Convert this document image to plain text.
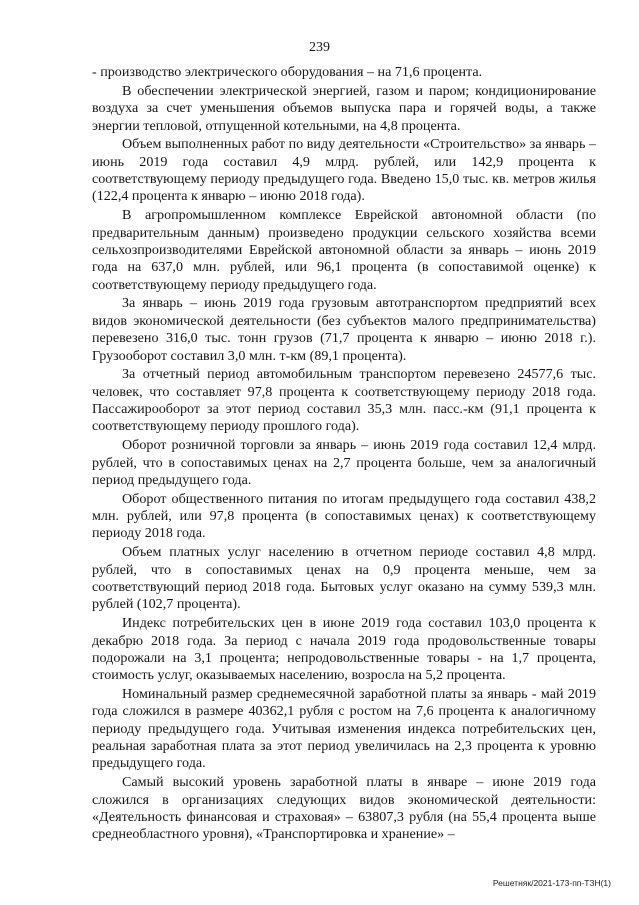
239

- производство электрического оборудования – на 71,6 процента.

В обеспечении электрической энергией, газом и паром; кондиционирование воздуха за счет уменьшения объемов выпуска пара и горячей воды, а также энергии тепловой, отпущенной котельными, на 4,8 процента.

Объем выполненных работ по виду деятельности «Строительство» за январь – июнь 2019 года составил 4,9 млрд. рублей, или 142,9 процента к соответствующему периоду предыдущего года. Введено 15,0 тыс. кв. метров жилья (122,4 процента к январю – июню 2018 года).

В агропромышленном комплексе Еврейской автономной области (по предварительным данным) произведено продукции сельского хозяйства всеми сельхозпроизводителями Еврейской автономной области за январь – июнь 2019 года на 637,0 млн. рублей, или 96,1 процента (в сопоставимой оценке) к соответствующему периоду предыдущего года.

За январь – июнь 2019 года грузовым автотранспортом предприятий всех видов экономической деятельности (без субъектов малого предпринимательства) перевезено 316,0 тыс. тонн грузов (71,7 процента к январю – июню 2018 г.). Грузооборот составил 3,0 млн. т-км (89,1 процента).

За отчетный период автомобильным транспортом перевезено 24577,6 тыс. человек, что составляет 97,8 процента к соответствующему периоду 2018 года. Пассажирооборот за этот период составил 35,3 млн. пасс.-км (91,1 процента к соответствующему периоду прошлого года).

Оборот розничной торговли за январь – июнь 2019 года составил 12,4 млрд. рублей, что в сопоставимых ценах на 2,7 процента больше, чем за аналогичный период предыдущего года.

Оборот общественного питания по итогам предыдущего года составил 438,2 млн. рублей, или 97,8 процента (в сопоставимых ценах) к соответствующему периоду 2018 года.

Объем платных услуг населению в отчетном периоде составил 4,8 млрд. рублей, что в сопоставимых ценах на 0,9 процента меньше, чем за соответствующий период 2018 года. Бытовых услуг оказано на сумму 539,3 млн. рублей (102,7 процента).

Индекс потребительских цен в июне 2019 года составил 103,0 процента к декабрю 2018 года. За период с начала 2019 года продовольственные товары подорожали на 3,1 процента; непродовольственные товары - на 1,7 процента, стоимость услуг, оказываемых населению, возросла на 5,2 процента.

Номинальный размер среднемесячной заработной платы за январь - май 2019 года сложился в размере 40362,1 рубля с ростом на 7,6 процента к аналогичному периоду предыдущего года. Учитывая изменения индекса потребительских цен, реальная заработная плата за этот период увеличилась на 2,3 процента к уровню предыдущего года.

Самый высокий уровень заработной платы в январе – июне 2019 года сложился в организациях следующих видов экономической деятельности: «Деятельность финансовая и страховая» – 63807,3 рубля (на 55,4 процента выше среднеобластного уровня), «Транспортировка и хранение» –

Решетняк/2021-173-пп-ТЗН(1)
